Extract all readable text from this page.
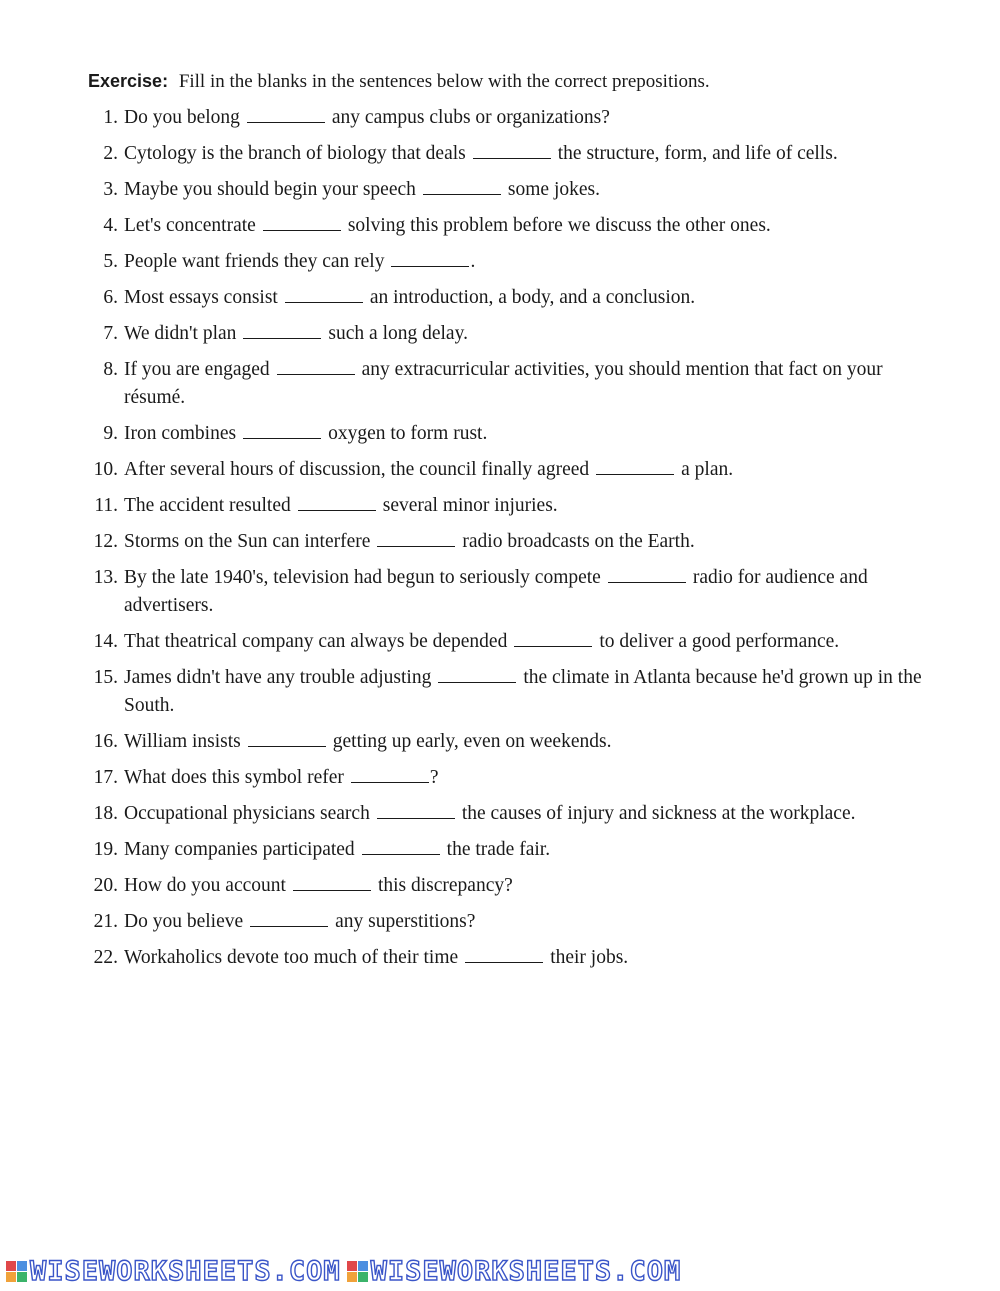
Exercise: Fill in the blanks in the sentences below with the correct prepositions.
1. Do you belong	any campus clubs or organizations?
2. Cytology is the branch of biology that deals	the structure, form, and life of cells.
3. Maybe you should begin your speech	some jokes.
4. Let's concentrate	solving this problem before we discuss the other ones.
5. People want friends they can rely	.
6. Most essays consist	an introduction, a body, and a conclusion.
7. We didn't plan	such a long delay.
8. If you are engaged	any extracurricular activities, you should mention that fact on your résumé.
9. Iron combines	oxygen to form rust.
10. After several hours of discussion, the council finally agreed	a plan.
11. The accident resulted	several minor injuries.
12. Storms on the Sun can interfere	radio broadcasts on the Earth.
13. By the late 1940's, television had begun to seriously compete	radio for audience and advertisers.
14. That theatrical company can always be depended	to deliver a good performance.
15. James didn't have any trouble adjusting	the climate in Atlanta because he'd grown up in the South.
16. William insists	getting up early, even on weekends.
17. What does this symbol refer	?
18. Occupational physicians search	the causes of injury and sickness at the workplace.
19. Many companies participated	the trade fair.
20. How do you account	this discrepancy?
21. Do you believe	any superstitions?
22. Workaholics devote too much of their time	their jobs.
WISEWORKSHEETS.COM WISEWORKSHEETS.COM
